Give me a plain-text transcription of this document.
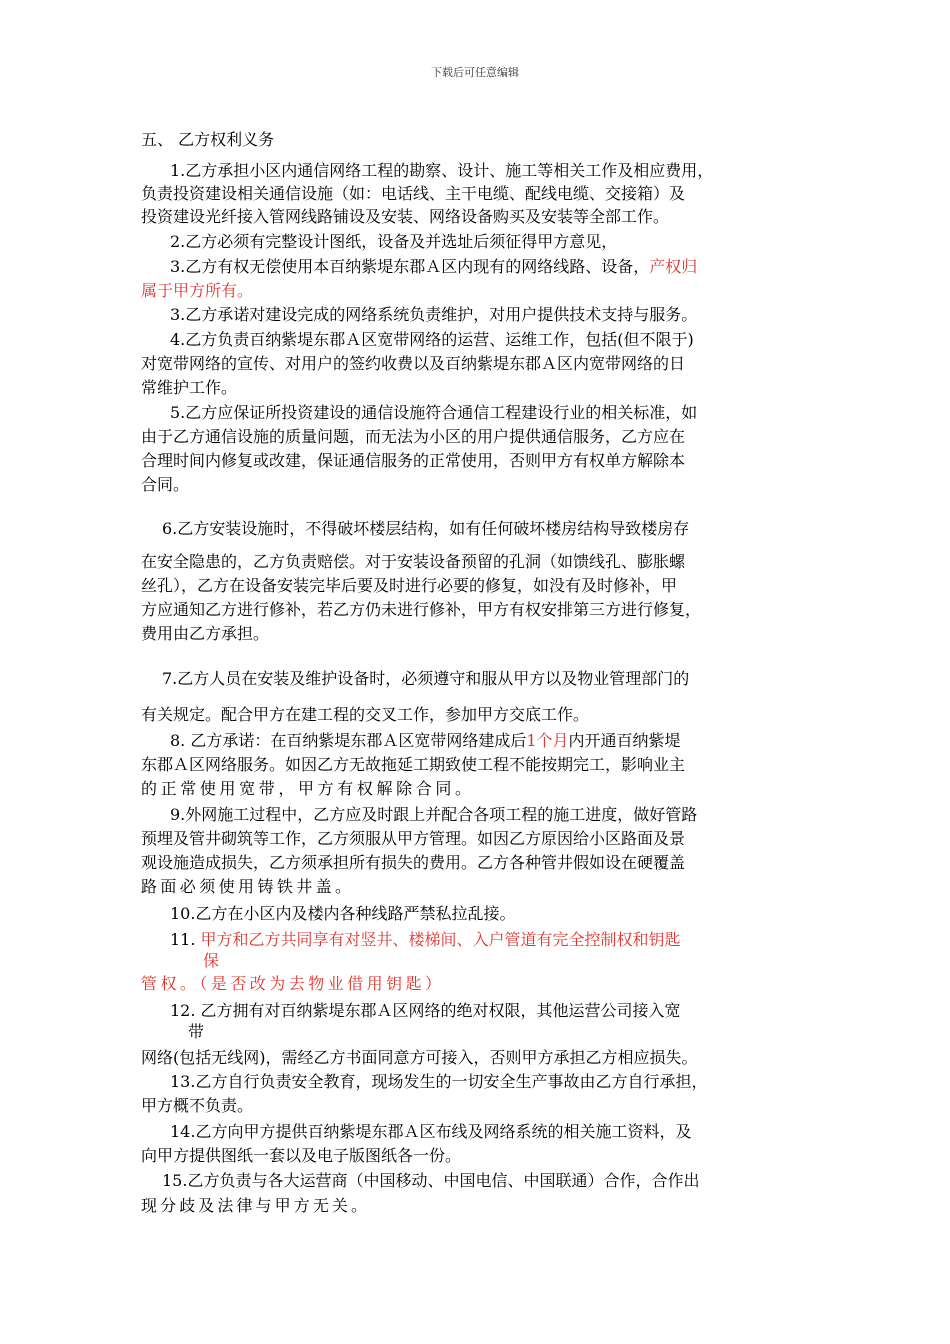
下载后可任意编辑
五、 乙方权利义务
1.乙方承担小区内通信网络工程的勘察、设计、施工等相关工作及相应费用，
负责投资建设相关通信设施（如：电话线、主干电缆、配线电缆、交接箱）及
投资建设光纤接入管网线路铺设及安装、网络设备购买及安装等全部工作。
2.乙方必须有完整设计图纸，设备及并选址后须征得甲方意见，
3.乙方有权无偿使用本百纳紫堤东郡Ａ区内现有的网络线路、设备，产权归
属于甲方所有。
3.乙方承诺对建设完成的网络系统负责维护，对用户提供技术支持与服务。
4.乙方负责百纳紫堤东郡Ａ区宽带网络的运营、运维工作，包括(但不限于)
对宽带网络的宣传、对用户的签约收费以及百纳紫堤东郡Ａ区内宽带网络的日
常维护工作。
5.乙方应保证所投资建设的通信设施符合通信工程建设行业的相关标准，如
由于乙方通信设施的质量问题，而无法为小区的用户提供通信服务，乙方应在
合理时间内修复或改建，保证通信服务的正常使用，否则甲方有权单方解除本
合同。
6.乙方安装设施时，不得破坏楼层结构，如有任何破坏楼房结构导致楼房存
在安全隐患的，乙方负责赔偿。对于安装设备预留的孔洞（如馈线孔、膨胀螺
丝孔），乙方在设备安装完毕后要及时进行必要的修复，如没有及时修补，甲
方应通知乙方进行修补，若乙方仍未进行修补，甲方有权安排第三方进行修复，
费用由乙方承担。
7.乙方人员在安装及维护设备时，必须遵守和服从甲方以及物业管理部门的
有关规定。配合甲方在建工程的交叉工作，参加甲方交底工作。
8. 乙方承诺：在百纳紫堤东郡Ａ区宽带网络建成后1个月内开通百纳紫堤
东郡Ａ区网络服务。如因乙方无故拖延工期致使工程不能按期完工，影响业主
的正常使用宽带，甲方有权解除合同。
9.外网施工过程中，乙方应及时跟上并配合各项工程的施工进度，做好管路
预埋及管井砌筑等工作，乙方须服从甲方管理。如因乙方原因给小区路面及景
观设施造成损失，乙方须承担所有损失的费用。乙方各种管井假如设在硬覆盖
路面必须使用铸铁井盖。
10.乙方在小区内及楼内各种线路严禁私拉乱接。
11. 甲方和乙方共同享有对竖井、楼梯间、入户管道有完全控制权和钥匙
保
管权。（是否改为去物业借用钥匙）
12. 乙方拥有对百纳紫堤东郡Ａ区网络的绝对权限，其他运营公司接入宽
带
网络(包括无线网)，需经乙方书面同意方可接入，否则甲方承担乙方相应损失。
13.乙方自行负责安全教育，现场发生的一切安全生产事故由乙方自行承担，
甲方概不负责。
14.乙方向甲方提供百纳紫堤东郡Ａ区布线及网络系统的相关施工资料，及
向甲方提供图纸一套以及电子版图纸各一份。
15.乙方负责与各大运营商（中国移动、中国电信、中国联通）合作，合作出
现分歧及法律与甲方无关。
